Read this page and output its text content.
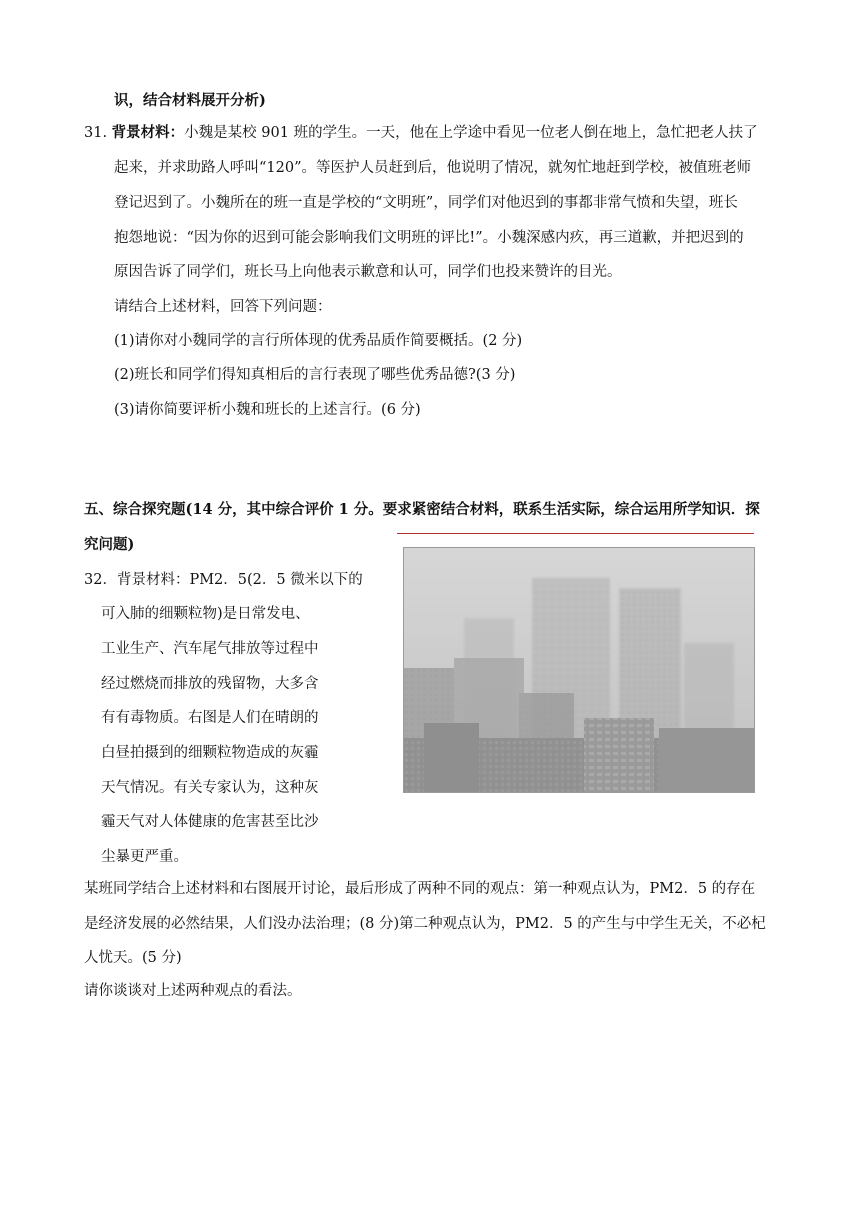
识，结合材料展开分析)
31. 背景材料：小魏是某校 901 班的学生。一天，他在上学途中看见一位老人倒在地上，急忙把老人扶了
起来，并求助路人呼叫“120”。等医护人员赶到后，他说明了情况，就匆忙地赶到学校，被值班老师
登记迟到了。小魏所在的班一直是学校的“文明班”，同学们对他迟到的事都非常气愤和失望，班长
抱怨地说：“因为你的迟到可能会影响我们文明班的评比!”。小魏深感内疚，再三道歉，并把迟到的
原因告诉了同学们，班长马上向他表示歉意和认可，同学们也投来赞许的目光。
请结合上述材料，回答下列问题：
(1)请你对小魏同学的言行所体现的优秀品质作简要概括。(2 分)
(2)班长和同学们得知真相后的言行表现了哪些优秀品德?(3 分)
(3)请你简要评析小魏和班长的上述言行。(6 分)
五、综合探究题(14 分，其中综合评价 1 分。要求紧密结合材料，联系生活实际，综合运用所学知识．探
究问题)
32．背景材料：PM2．5(2．5 微米以下的
可入肺的细颗粒物)是日常发电、
工业生产、汽车尾气排放等过程中
经过燃烧而排放的残留物，大多含
有有毒物质。右图是人们在晴朗的
白昼拍摄到的细颗粒物造成的灰霾
天气情况。有关专家认为，这种灰
霾天气对人体健康的危害甚至比沙
尘暴更严重。
某班同学结合上述材料和右图展开讨论，最后形成了两种不同的观点：第一种观点认为，PM2．5 的存在
是经济发展的必然结果，人们没办法治理；(8 分)第二种观点认为，PM2．5 的产生与中学生无关，不必杞
人忧天。(5 分)
请你谈谈对上述两种观点的看法。
